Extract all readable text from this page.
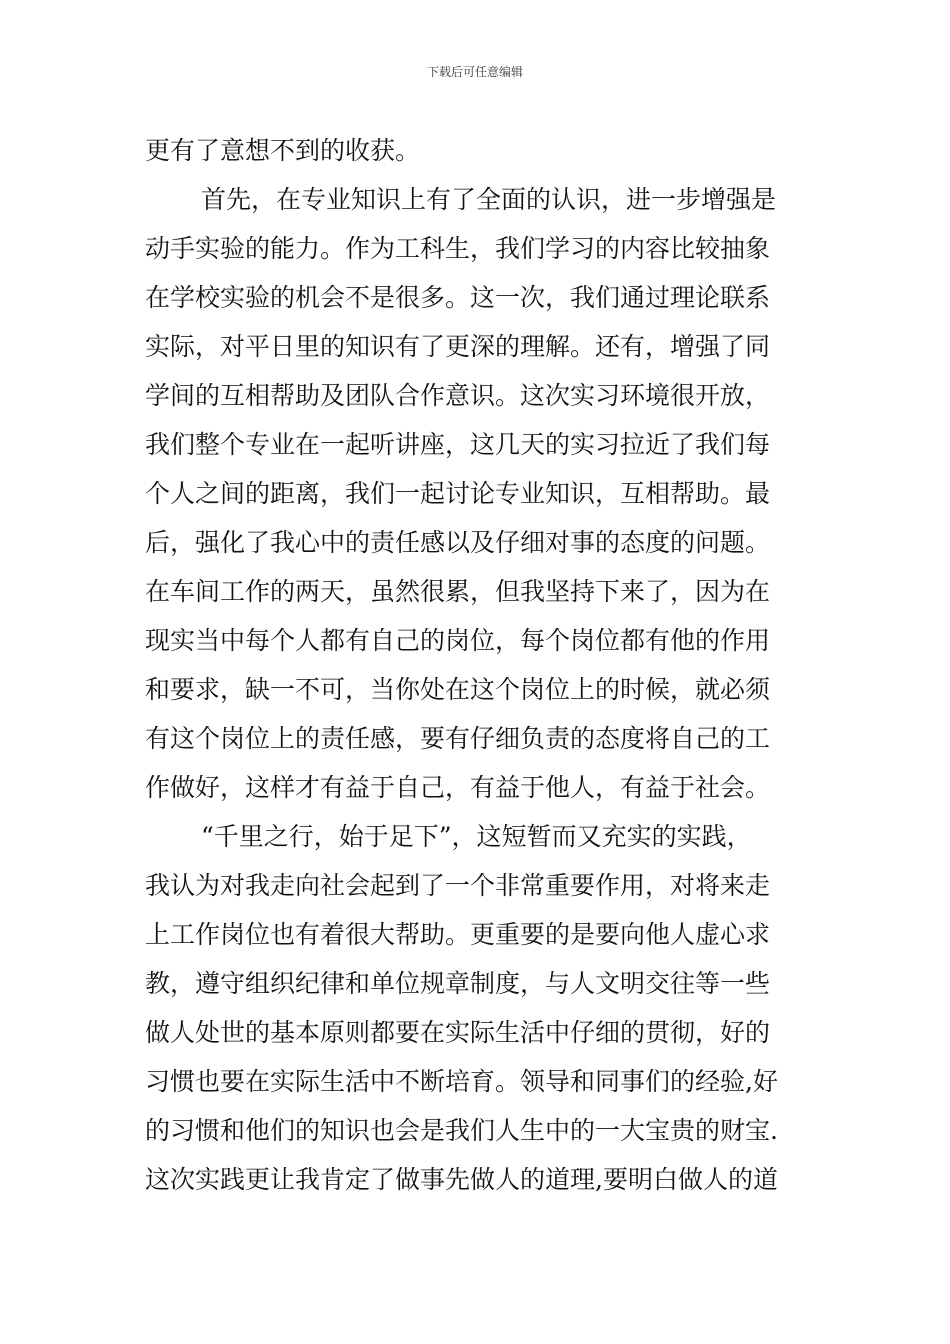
下载后可任意编辑
更有了意想不到的收获。
首先，在专业知识上有了全面的认识，进一步增强是
动手实验的能力。作为工科生，我们学习的内容比较抽象
在学校实验的机会不是很多。这一次，我们通过理论联系
实际，对平日里的知识有了更深的理解。还有，增强了同
学间的互相帮助及团队合作意识。这次实习环境很开放，
我们整个专业在一起听讲座，这几天的实习拉近了我们每
个人之间的距离，我们一起讨论专业知识，互相帮助。最
后，强化了我心中的责任感以及仔细对事的态度的问题。
在车间工作的两天，虽然很累，但我坚持下来了，因为在
现实当中每个人都有自己的岗位，每个岗位都有他的作用
和要求，缺一不可，当你处在这个岗位上的时候，就必须
有这个岗位上的责任感，要有仔细负责的态度将自己的工
作做好，这样才有益于自己，有益于他人，有益于社会。
“千里之行，始于足下”，这短暂而又充实的实践，
我认为对我走向社会起到了一个非常重要作用，对将来走
上工作岗位也有着很大帮助。更重要的是要向他人虚心求
教，遵守组织纪律和单位规章制度，与人文明交往等一些
做人处世的基本原则都要在实际生活中仔细的贯彻，好的
习惯也要在实际生活中不断培育。领导和同事们的经验,好
的习惯和他们的知识也会是我们人生中的一大宝贵的财宝.
这次实践更让我肯定了做事先做人的道理,要明白做人的道
